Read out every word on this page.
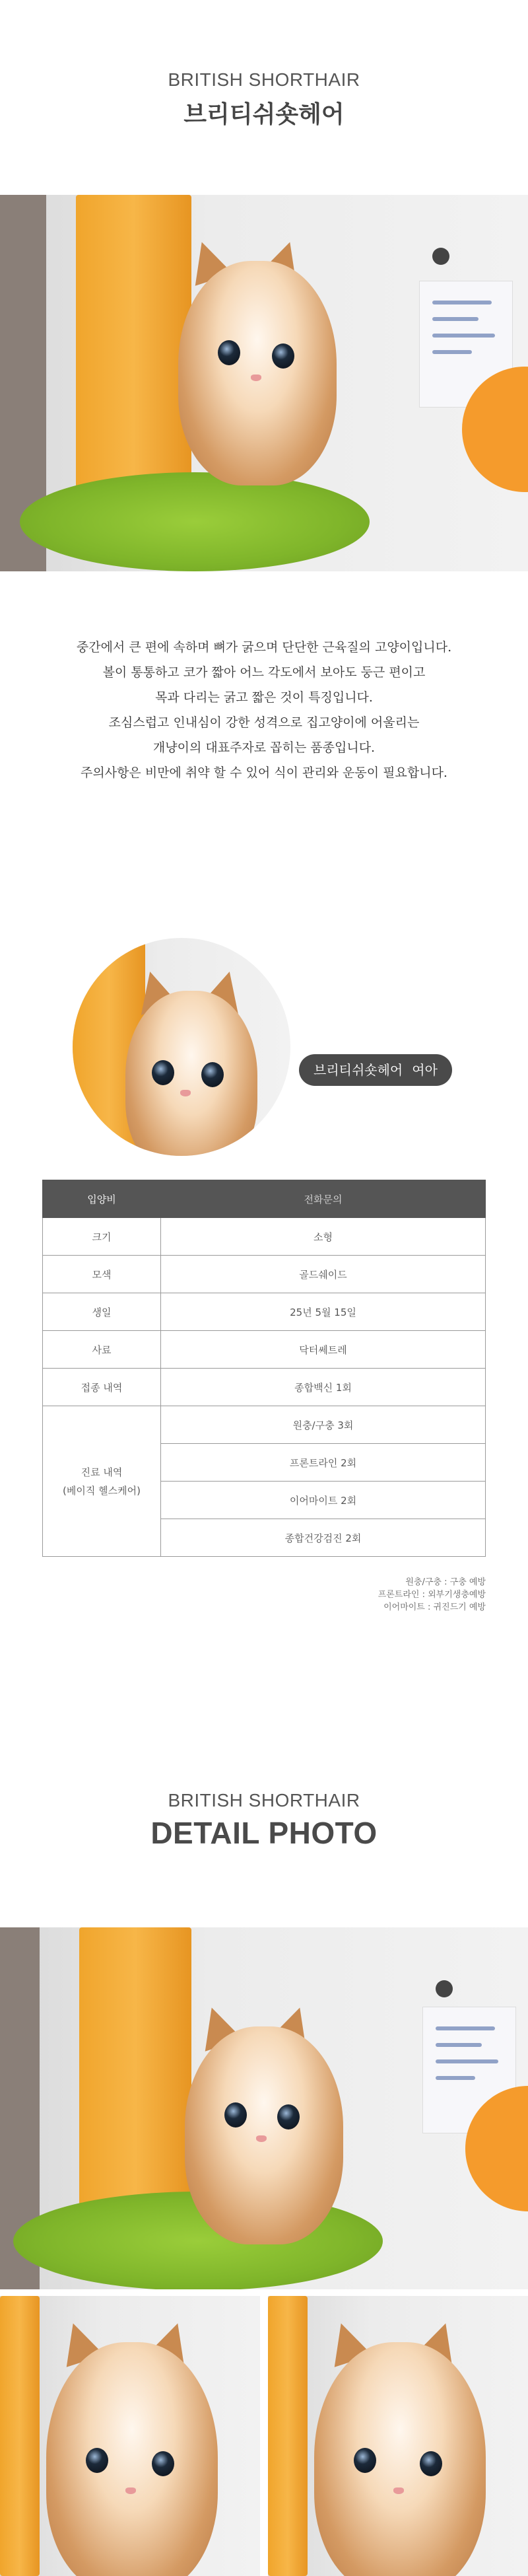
BRITISH SHORTHAIR
브리티쉬숏헤어
중간에서 큰 편에 속하며 뼈가 굵으며 단단한 근육질의 고양이입니다.
볼이 통통하고 코가 짧아 어느 각도에서 보아도 둥근 편이고
목과 다리는 굵고 짧은 것이 특징입니다.
조심스럽고 인내심이 강한 성격으로 집고양이에 어울리는
개냥이의 대표주자로 꼽히는 품종입니다.
주의사항은 비만에 취약 할 수 있어 식이 관리와 운동이 필요합니다.
브리티쉬숏헤어 여아
입양비	전화문의
크기	소형
모색	골드쉐이드
생일	25년 5월 15일
사료	닥터쎄트레
접종 내역	종합백신 1회

진료 내역
(베이직 헬스케어)	원충/구충 3회
	프론트라인 2회
	이어마이트 2회
	종합건강검진 2회
원충/구충 : 구충 예방
프론트라인 : 외부기생충예방
이어마이트 : 귀진드기 예방
BRITISH SHORTHAIR
DETAIL PHOTO
